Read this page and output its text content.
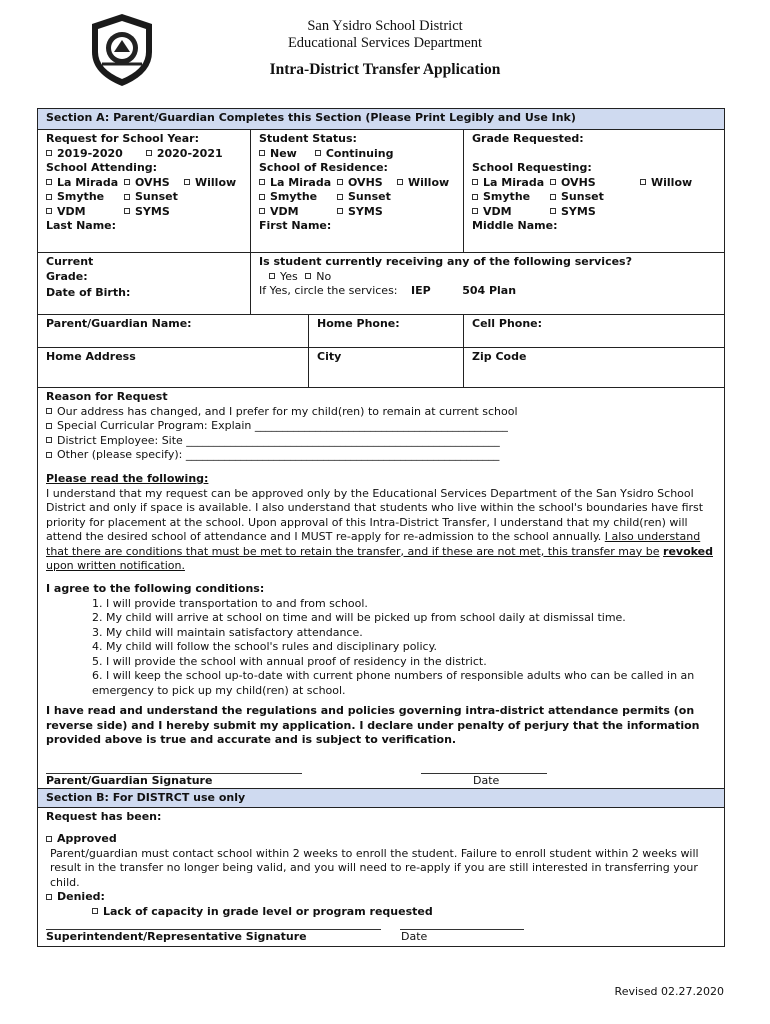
San Ysidro School District
Educational Services Department
Intra-District Transfer Application
Section A: Parent/Guardian Completes this Section (Please Print Legibly and Use Ink)
Request for School Year:
2019-2020	2020-2021
School Attending:
La Mirada OVHS Willow
Smythe	Sunset
VDM	SYMS
Last Name:
Student Status:
New	Continuing
School of Residence:
La Mirada OVHS Willow
Smythe	Sunset
VDM	SYMS
First Name:
Grade Requested:

School Requesting:
La Mirada OVHS	Willow
Smythe	Sunset
VDM	SYMS
Middle Name:
Current
Grade:
Date of Birth:
Is student currently receiving any of the following services?
Yes No
If Yes, circle the services: IEP	504 Plan
Parent/Guardian Name:	Home Phone:	Cell Phone:
Home Address	City	Zip Code
Reason for Request
Our address has changed, and I prefer for my child(ren) to remain at current school
Special Curricular Program: Explain ______________________________________________
District Employee: Site _________________________________________________________
Other (please specify): _________________________________________________________
Please read the following:
I understand that my request can be approved only by the Educational Services Department of the San Ysidro School District and only if space is available. I also understand that students who live within the school's boundaries have first priority for placement at the school. Upon approval of this Intra-District Transfer, I understand that my child(ren) will attend the desired school of attendance and I MUST re-apply for re-admission to the school annually. I also understand that there are conditions that must be met to retain the transfer, and if these are not met, this transfer may be revoked upon written notification.
I agree to the following conditions:
1. I will provide transportation to and from school.
2. My child will arrive at school on time and will be picked up from school daily at dismissal time.
3. My child will maintain satisfactory attendance.
4. My child will follow the school's rules and disciplinary policy.
5. I will provide the school with annual proof of residency in the district.
6. I will keep the school up-to-date with current phone numbers of responsible adults who can be called in an emergency to pick up my child(ren) at school.
I have read and understand the regulations and policies governing intra-district attendance permits (on reverse side) and I hereby submit my application. I declare under penalty of perjury that the information provided above is true and accurate and is subject to verification.
Parent/Guardian Signature	Date
Section B: For DISTRCT use only
Request has been:
Approved
Parent/guardian must contact school within 2 weeks to enroll the student. Failure to enroll student within 2 weeks will result in the transfer no longer being valid, and you will need to re-apply if you are still interested in transferring your child.
Denied:
Lack of capacity in grade level or program requested
Superintendent/Representative Signature	Date
Revised 02.27.2020
